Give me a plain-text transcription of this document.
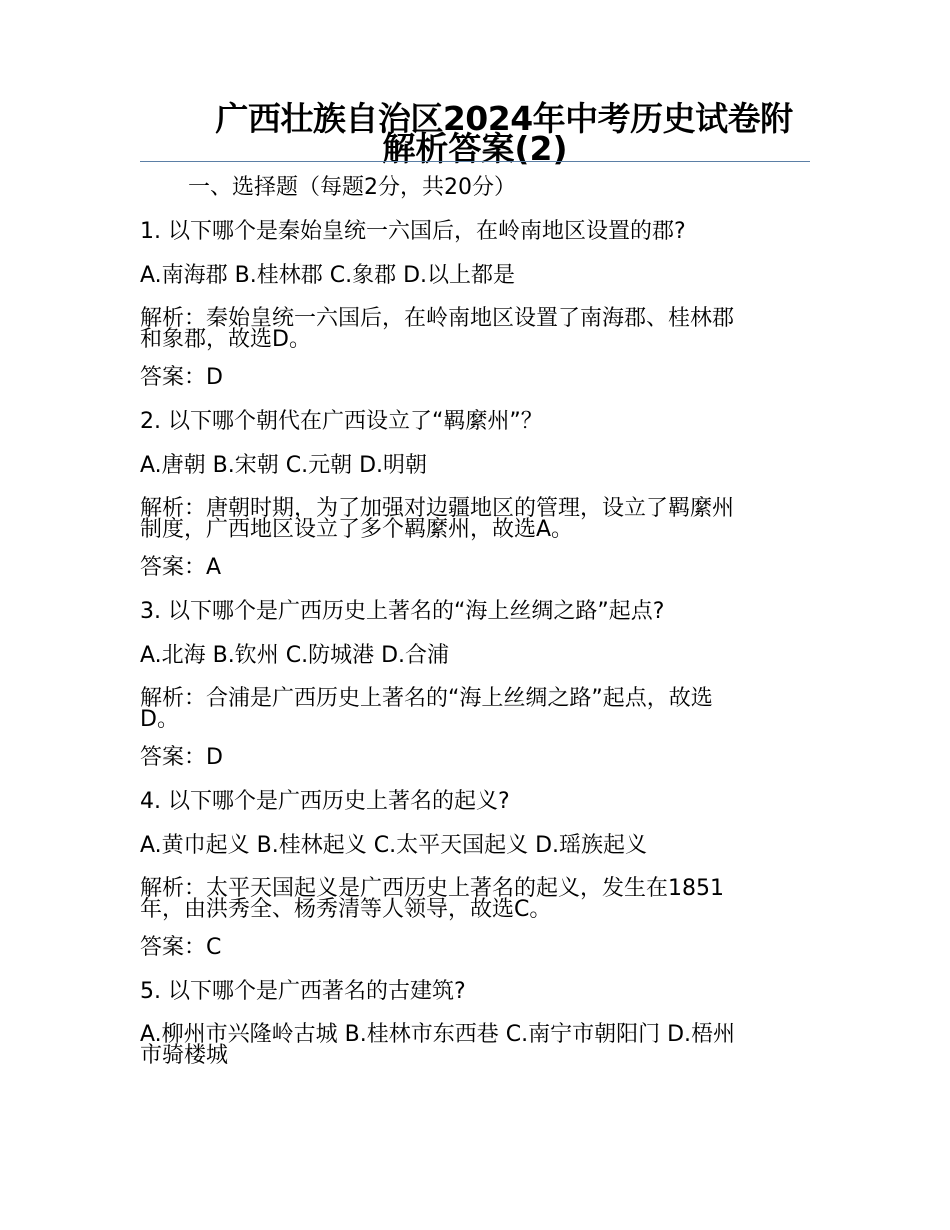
广西壮族自治区2024年中考历史试卷附
解析答案(2)

一、选择题（每题2分，共20分）

1. 以下哪个是秦始皇统一六国后，在岭南地区设置的郡?

A.南海郡 B.桂林郡 C.象郡 D.以上都是

解析：秦始皇统一六国后，在岭南地区设置了南海郡、桂林郡
和象郡，故选D。

答案：D

2. 以下哪个朝代在广西设立了“羁縻州”？

A.唐朝 B.宋朝 C.元朝 D.明朝

解析：唐朝时期，为了加强对边疆地区的管理，设立了羁縻州
制度，广西地区设立了多个羁縻州，故选A。

答案：A

3. 以下哪个是广西历史上著名的“海上丝绸之路”起点?

A.北海 B.钦州 C.防城港 D.合浦

解析：合浦是广西历史上著名的“海上丝绸之路”起点，故选
D。

答案：D

4. 以下哪个是广西历史上著名的起义?

A.黄巾起义 B.桂林起义 C.太平天国起义 D.瑶族起义

解析：太平天国起义是广西历史上著名的起义，发生在1851
年，由洪秀全、杨秀清等人领导，故选C。

答案：C

5. 以下哪个是广西著名的古建筑?

A.柳州市兴隆岭古城 B.桂林市东西巷 C.南宁市朝阳门 D.梧州
市骑楼城
